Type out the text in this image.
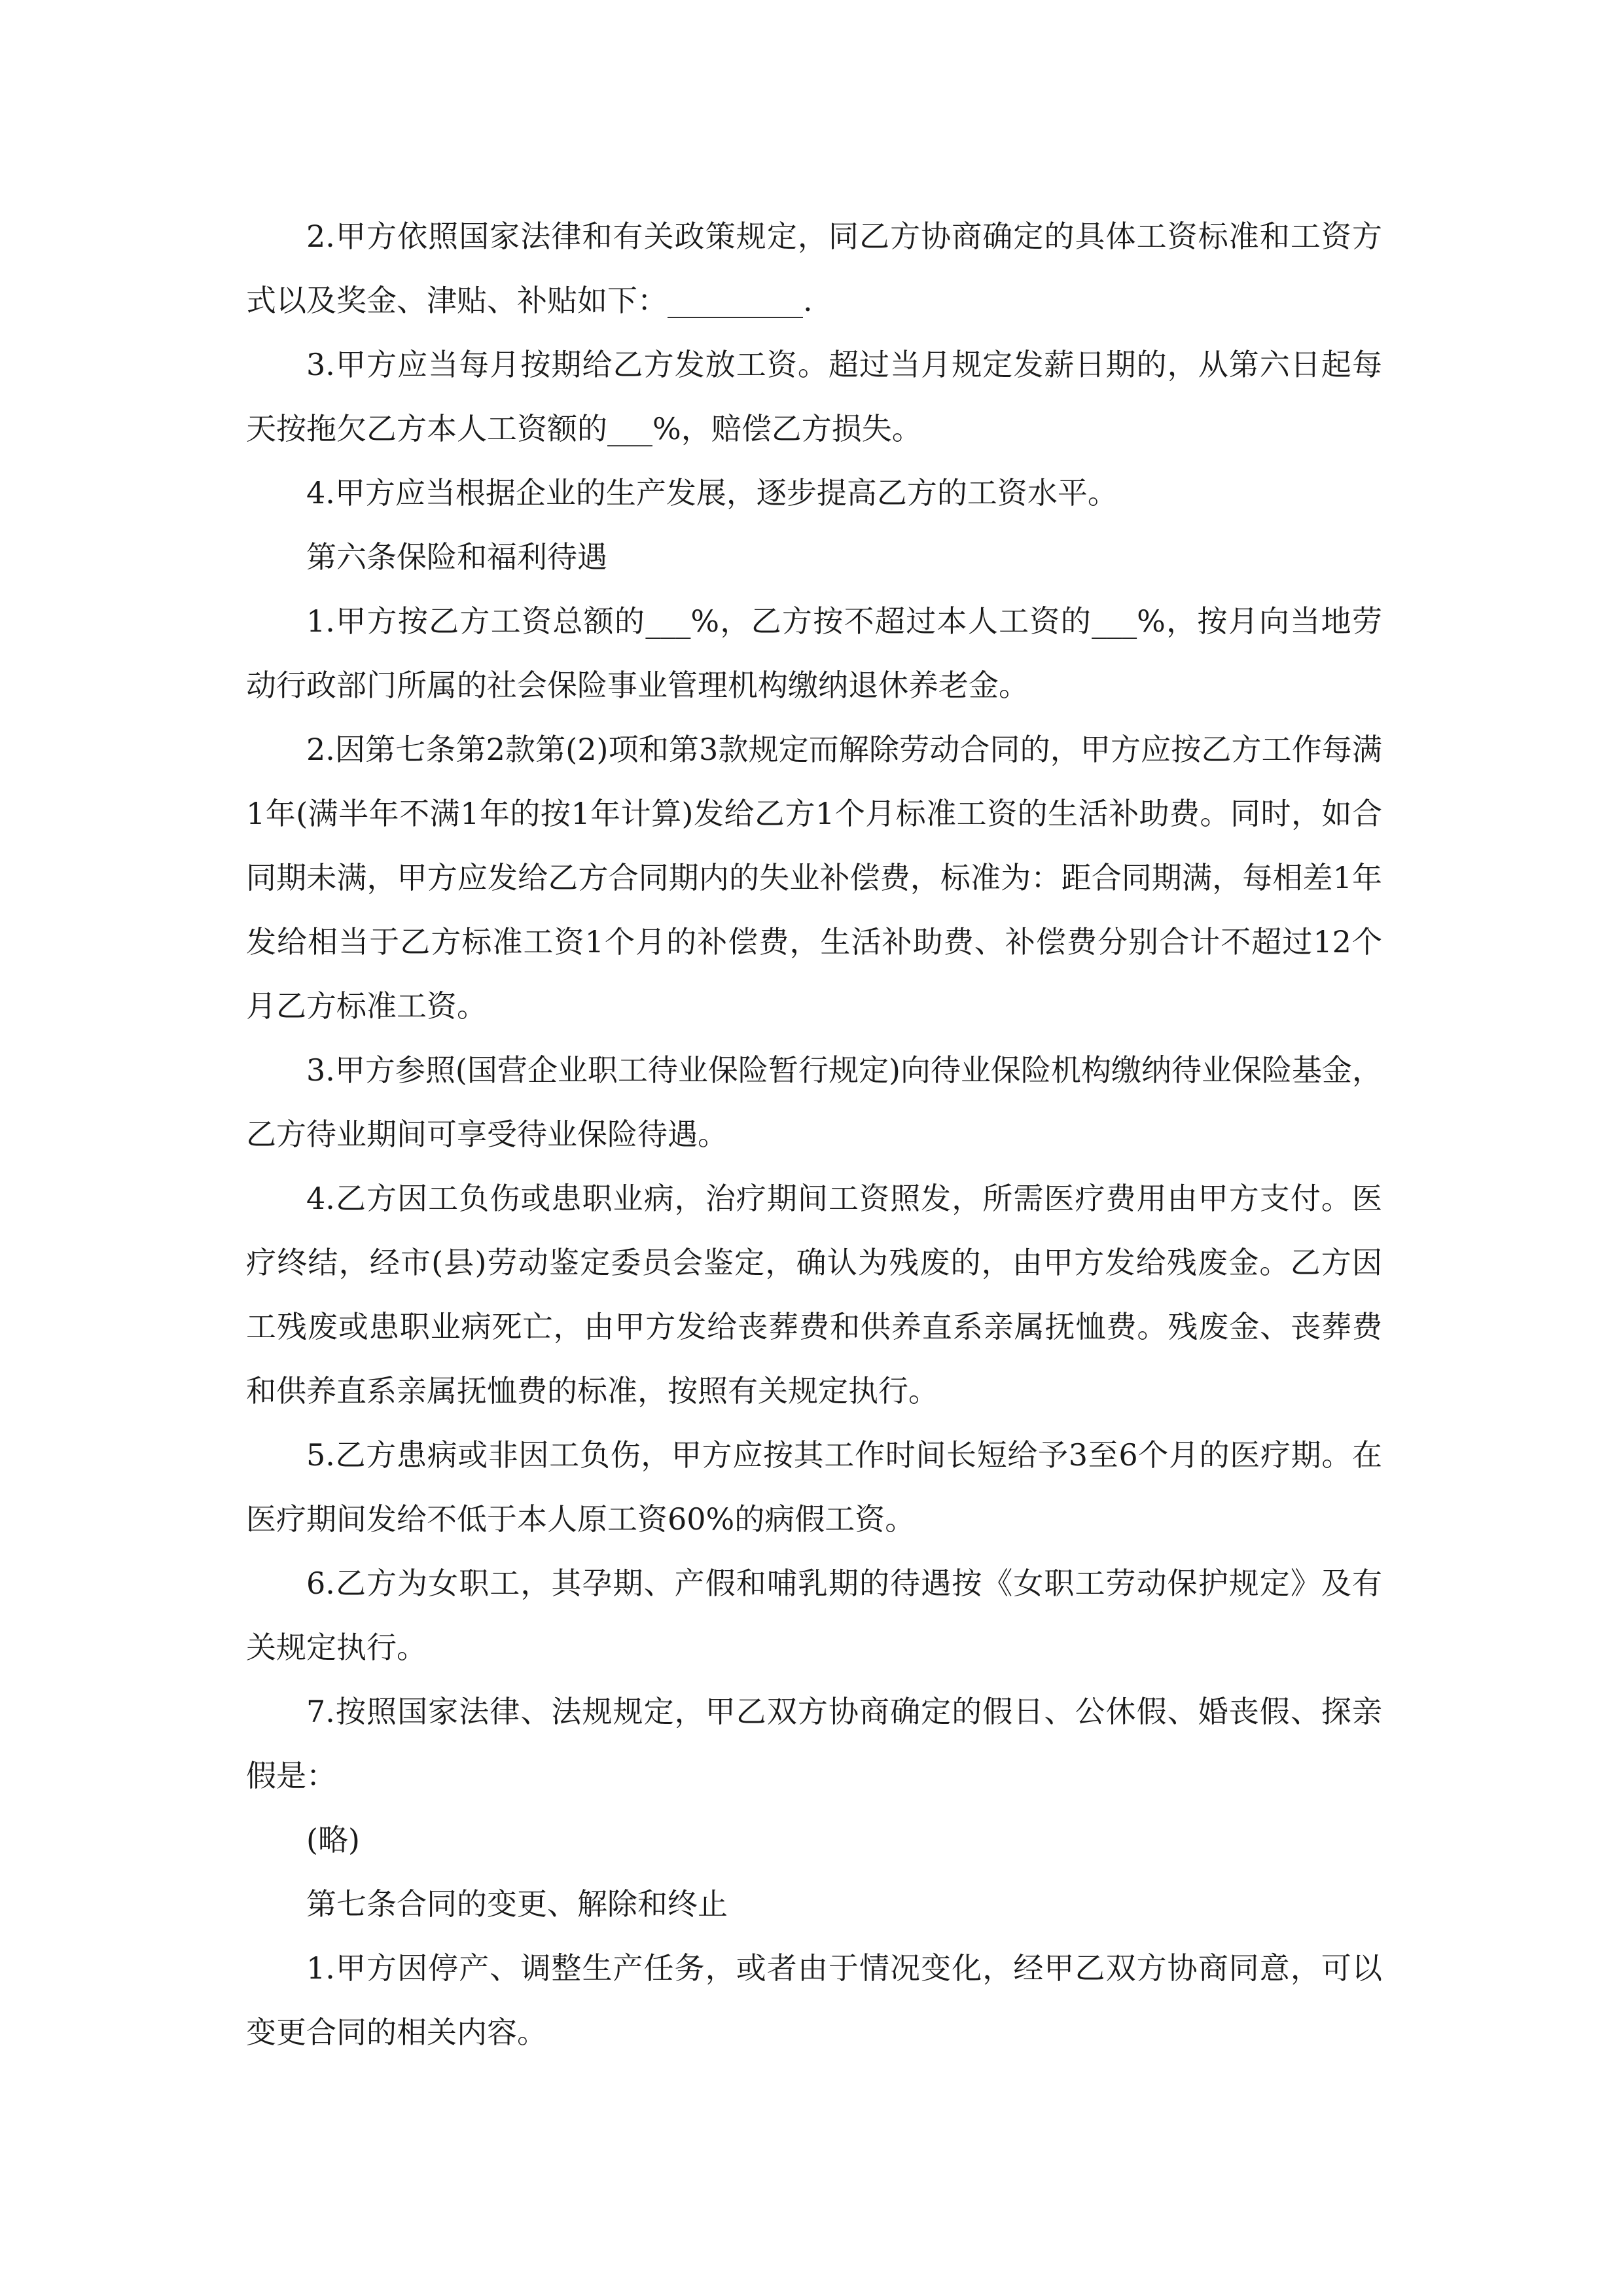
2.甲方依照国家法律和有关政策规定，同乙方协商确定的具体工资标准和工资方式以及奖金、津贴、补贴如下：_________.

3.甲方应当每月按期给乙方发放工资。超过当月规定发薪日期的，从第六日起每天按拖欠乙方本人工资额的___%，赔偿乙方损失。

4.甲方应当根据企业的生产发展，逐步提高乙方的工资水平。

第六条保险和福利待遇

1.甲方按乙方工资总额的___%，乙方按不超过本人工资的___%，按月向当地劳动行政部门所属的社会保险事业管理机构缴纳退休养老金。

2.因第七条第2款第(2)项和第3款规定而解除劳动合同的，甲方应按乙方工作每满1年(满半年不满1年的按1年计算)发给乙方1个月标准工资的生活补助费。同时，如合同期未满，甲方应发给乙方合同期内的失业补偿费，标准为：距合同期满，每相差1年发给相当于乙方标准工资1个月的补偿费，生活补助费、补偿费分别合计不超过12个月乙方标准工资。

3.甲方参照(国营企业职工待业保险暂行规定)向待业保险机构缴纳待业保险基金，乙方待业期间可享受待业保险待遇。

4.乙方因工负伤或患职业病，治疗期间工资照发，所需医疗费用由甲方支付。医疗终结，经市(县)劳动鉴定委员会鉴定，确认为残废的，由甲方发给残废金。乙方因工残废或患职业病死亡，由甲方发给丧葬费和供养直系亲属抚恤费。残废金、丧葬费和供养直系亲属抚恤费的标准，按照有关规定执行。

5.乙方患病或非因工负伤，甲方应按其工作时间长短给予3至6个月的医疗期。在医疗期间发给不低于本人原工资60%的病假工资。

6.乙方为女职工，其孕期、产假和哺乳期的待遇按《女职工劳动保护规定》及有关规定执行。

7.按照国家法律、法规规定，甲乙双方协商确定的假日、公休假、婚丧假、探亲假是：

(略)

第七条合同的变更、解除和终止

1.甲方因停产、调整生产任务，或者由于情况变化，经甲乙双方协商同意，可以变更合同的相关内容。
